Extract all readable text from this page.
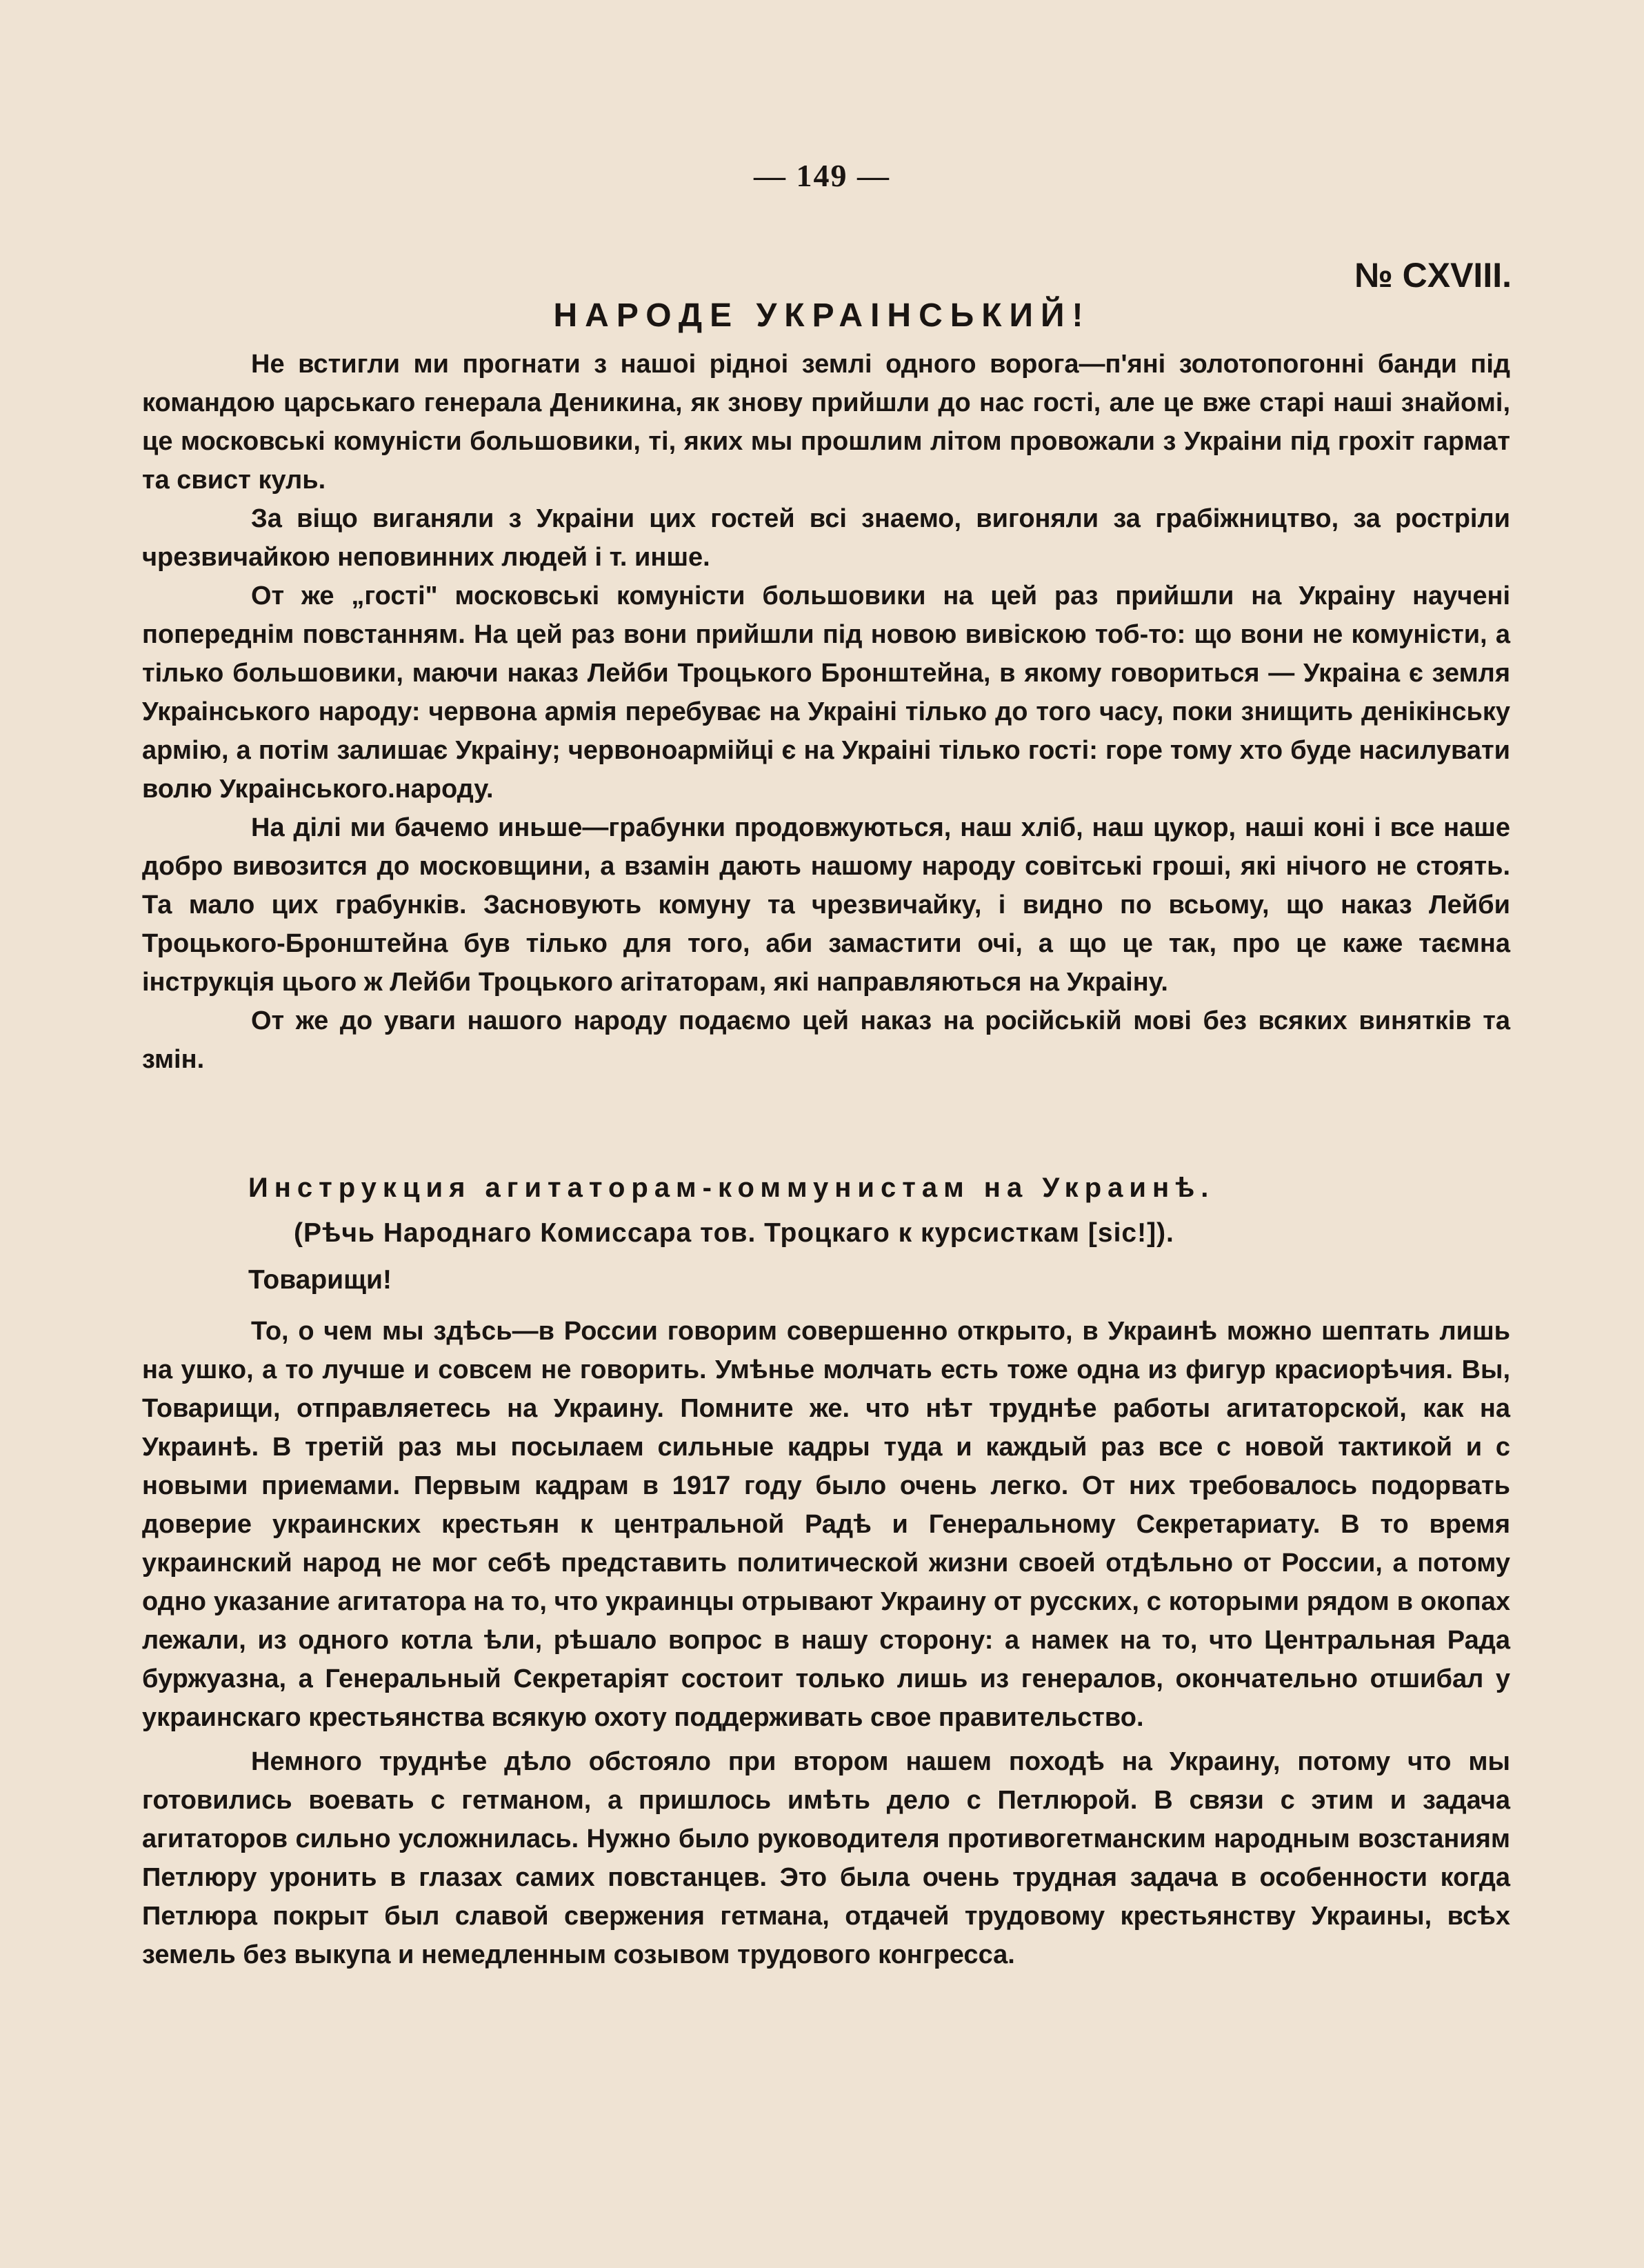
— 149 —
№ CXVIII.
НАРОДЕ УКРАІНСЬКИЙ!

Не встигли ми прогнати з нашоі рідноі землі одного ворога—п'яні золотопогонні банди під командою царськаго генерала Деникина, як знову прийшли до нас гості, але це вже старі наші знайомі, це московські комуністи большовики, ті, яких мы прошлим літом провожали з Украіни під грохіт гармат та свист куль.

За віщо виганяли з Украіни цих гостей всі знаемо, вигоняли за грабіжництво, за ростріли чрезвичайкою неповинних людей і т. инше.

От же „гості" московські комуністи большовики на цей раз прийшли на Украіну научені попереднім повстанням. На цей раз вони прийшли під новою вивіскою тоб-то: що вони не комуністи, а тілько большовики, маючи наказ Лейби Троцького Бронштейна, в якому говориться — Украіна є земля Украінського народу: червона армія перебуває на Украіні тілько до того часу, поки знищить денікінську армію, а потім залишає Украіну; червоноармійці є на Украіні тілько гості: горе тому хто буде насилувати волю Украінського.народу.

На ділі ми бачемо иньше—грабунки продовжуються, наш хліб, наш цукор, наші коні і все наше добро вивозится до московщини, а взамін дають нашому народу совітські гроші, які нічого не стоять. Та мало цих грабунків. Засновують комуну та чрезвичайку, і видно по всьому, що наказ Лейби Троцького-Бронштейна був тілько для того, аби замастити очі, а що це так, про це каже таємна інструкція цього ж Лейби Троцького агітаторам, які направляються на Украіну.

От же до уваги нашого народу подаємо цей наказ на російській мові без всяких винятків та змін.

Инструкция агитаторам-коммунистам на Украинѣ.
(Рѣчь Народнаго Комиссара тов. Троцкаго к курсисткам [sic!]).
Товарищи!

То, о чем мы здѣсь—в России говорим совершенно открыто, в Украинѣ можно шептать лишь на ушко, а то лучше и совсем не говорить. Умѣнье молчать есть тоже одна из фигур красиорѣчия. Вы, Товарищи, отправляетесь на Украину. Помните же. что нѣт труднѣе работы агитаторской, как на Украинѣ. В третій раз мы посылаем сильные кадры туда и каждый раз все с новой тактикой и с новыми приемами. Первым кадрам в 1917 году было очень легко. От них требовалось подорвать доверие украинских крестьян к центральной Радѣ и Генеральному Секретариату. В то время украинский народ не мог себѣ представить политической жизни своей отдѣльно от России, а потому одно указание агитатора на то, что украинцы отрывают Украину от русских, с которыми рядом в окопах лежали, из одного котла ѣли, рѣшало вопрос в нашу сторону: а намек на то, что Центральная Рада буржуазна, а Генеральный Секретаріят состоит только лишь из генералов, окончательно отшибал у украинскаго крестьянства всякую охоту поддерживать свое правительство.

Немного труднѣе дѣло обстояло при втором нашем походѣ на Украину, потому что мы готовились воевать с гетманом, а пришлось имѣть дело с Петлюрой. В связи с этим и задача агитаторов сильно усложнилась. Нужно было руководителя противогетманским народным возстаниям Петлюру уронить в глазах самих повстанцев. Это была очень трудная задача в особенности когда Петлюра покрыт был славой свержения гетмана, отдачей трудовому крестьянству Украины, всѣх земель без выкупа и немедленным созывом трудового конгресса.
